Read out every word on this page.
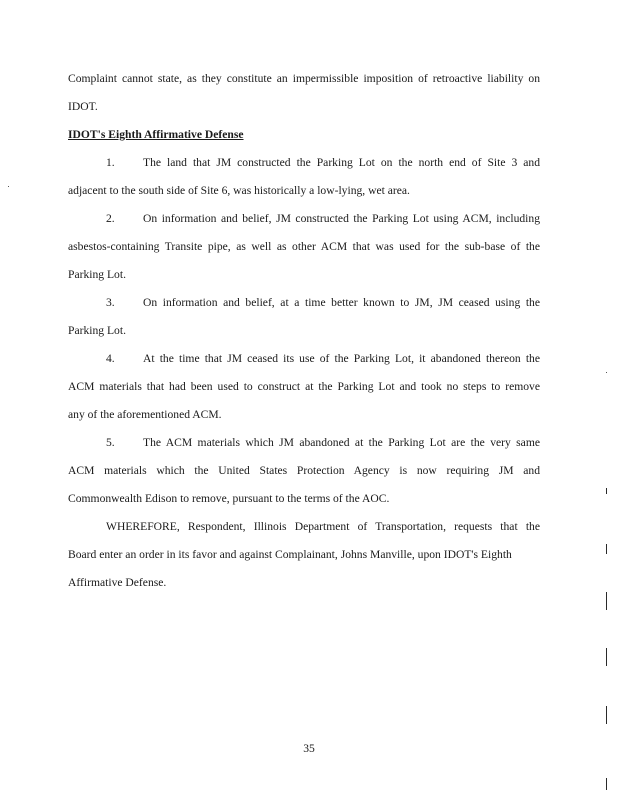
Complaint cannot state, as they constitute an impermissible imposition of retroactive liability on
IDOT.
IDOT's Eighth Affirmative Defense
1.	The land that JM constructed the Parking Lot on the north end of Site 3 and
adjacent to the south side of Site 6, was historically a low-lying, wet area.
2.	On information and belief, JM constructed the Parking Lot using ACM, including
asbestos-containing Transite pipe, as well as other ACM that was used for the sub-base of the
Parking Lot.
3.	On information and belief, at a time better known to JM, JM ceased using the
Parking Lot.
4.	At the time that JM ceased its use of the Parking Lot, it abandoned thereon the
ACM materials that had been used to construct at the Parking Lot and took no steps to remove
any of the aforementioned ACM.
5.	The ACM materials which JM abandoned at the Parking Lot are the very same
ACM materials which the United States Protection Agency is now requiring JM and
Commonwealth Edison to remove, pursuant to the terms of the AOC.
WHEREFORE, Respondent, Illinois Department of Transportation, requests that the
Board enter an order in its favor and against Complainant, Johns Manville, upon IDOT's Eighth
Affirmative Defense.
35
